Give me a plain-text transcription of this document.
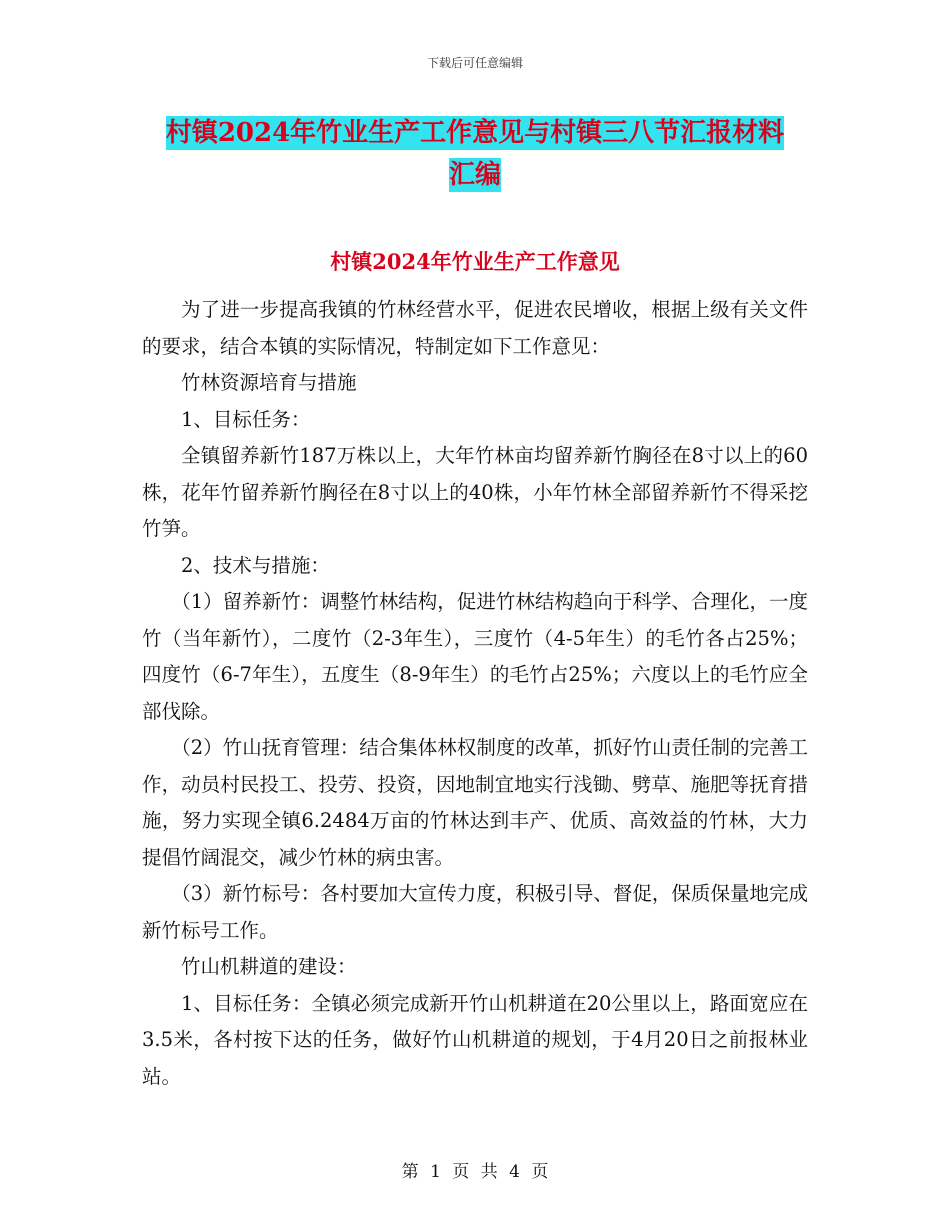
下载后可任意编辑
村镇2024年竹业生产工作意见与村镇三八节汇报材料
汇编
村镇2024年竹业生产工作意见

为了进一步提高我镇的竹林经营水平，促进农民增收，根据上级有关文件的要求，结合本镇的实际情况，特制定如下工作意见：

竹林资源培育与措施

1、目标任务：

全镇留养新竹187万株以上，大年竹林亩均留养新竹胸径在8寸以上的60株，花年竹留养新竹胸径在8寸以上的40株，小年竹林全部留养新竹不得采挖竹笋。

2、技术与措施：

（1）留养新竹：调整竹林结构，促进竹林结构趋向于科学、合理化，一度竹（当年新竹），二度竹（2-3年生），三度竹（4-5年生）的毛竹各占25%；四度竹（6-7年生），五度生（8-9年生）的毛竹占25%；六度以上的毛竹应全部伐除。

（2）竹山抚育管理：结合集体林权制度的改革，抓好竹山责任制的完善工作，动员村民投工、投劳、投资，因地制宜地实行浅锄、劈草、施肥等抚育措施，努力实现全镇6.2484万亩的竹林达到丰产、优质、高效益的竹林，大力提倡竹阔混交，减少竹林的病虫害。

（3）新竹标号：各村要加大宣传力度，积极引导、督促，保质保量地完成新竹标号工作。

竹山机耕道的建设：

1、目标任务：全镇必须完成新开竹山机耕道在20公里以上，路面宽应在3.5米，各村按下达的任务，做好竹山机耕道的规划，于4月20日之前报林业站。

第 1 页 共 4 页
